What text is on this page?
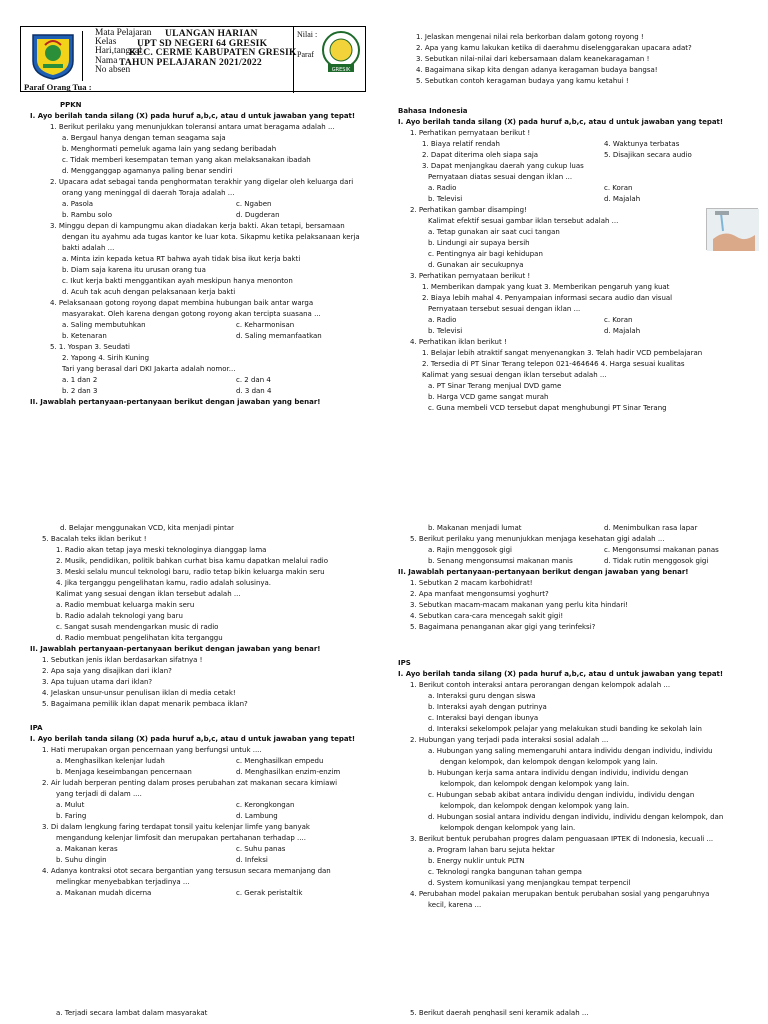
Mata Pelajaran
Kelas
Hari,tanggal
Nama
No absen
ULANGAN HARIAN
UPT SD NEGERI 64 GRESIK
KEC. CERME KABUPATEN GRESIK
TAHUN PELAJARAN 2021/2022
Nilai :
Paraf
GRESIK
Paraf Orang Tua :
PPKN
I. Ayo berilah tanda silang (X) pada huruf a,b,c, atau d untuk jawaban yang tepat!
1. Berikut perilaku yang menunjukkan toleransi antara umat beragama adalah ...
a. Bergaul hanya dengan teman seagama saja
b. Menghormati pemeluk agama lain yang sedang beribadah
c. Tidak memberi kesempatan teman yang akan melaksanakan ibadah
d. Mengganggap agamanya paling benar sendiri
2. Upacara adat sebagai tanda penghormatan terakhir yang digelar oleh keluarga dari
orang yang meninggal di daerah Toraja adalah ...
a. Pasola	c. Ngaben
b. Rambu solo	d. Dugderan
3. Minggu depan di kampungmu akan diadakan kerja bakti. Akan tetapi, bersamaan
dengan itu ayahmu ada tugas kantor ke luar kota. Sikapmu ketika pelaksanaan kerja
bakti adalah ...
a. Minta izin kepada ketua RT bahwa ayah tidak bisa ikut kerja bakti
b. Diam saja karena itu urusan orang tua
c. Ikut kerja bakti menggantikan ayah meskipun hanya menonton
d. Acuh tak acuh dengan pelaksanaan kerja bakti
4. Pelaksanaan gotong royong dapat membina hubungan baik antar warga
masyarakat. Oleh karena dengan gotong royong akan tercipta suasana ...
a. Saling membutuhkan	c. Keharmonisan
b. Ketenaran	d. Saling memanfaatkan
5. 1. Yospan 3. Seudati
2. Yapong 4. Sirih Kuning
Tari yang berasal dari DKI Jakarta adalah nomor...
a. 1 dan 2	c. 2 dan 4
b. 2 dan 3	d. 3 dan 4
II. Jawablah pertanyaan-pertanyaan berikut dengan jawaban yang benar!
1. Jelaskan mengenai nilai rela berkorban dalam gotong royong !
2. Apa yang kamu lakukan ketika di daerahmu diselenggarakan upacara adat?
3. Sebutkan nilai-nilai dari kebersamaan dalam keanekaragaman !
4. Bagaimana sikap kita dengan adanya keragaman budaya bangsa!
5. Sebutkan contoh keragaman budaya yang kamu ketahui !
Bahasa Indonesia
I. Ayo berilah tanda silang (X) pada huruf a,b,c, atau d untuk jawaban yang tepat!
1. Perhatikan pernyataan berikut !
1. Biaya relatif rendah	4. Waktunya terbatas
2. Dapat diterima oleh siapa saja	5. Disajikan secara audio
3. Dapat menjangkau daerah yang cukup luas
Pernyataan diatas sesuai dengan iklan ...
a. Radio	c. Koran
b. Televisi	d. Majalah
2. Perhatikan gambar disamping!
Kalimat efektif sesuai gambar iklan tersebut adalah ...
a. Tetap gunakan air saat cuci tangan
b. Lindungi air supaya bersih
c. Pentingnya air bagi kehidupan
d. Gunakan air secukupnya
3. Perhatikan pernyataan berikut !
1. Memberikan dampak yang kuat 3. Memberikan pengaruh yang kuat
2. Biaya lebih mahal 4. Penyampaian informasi secara audio dan visual
Pernyataan tersebut sesuai dengan iklan ...
a. Radio	c. Koran
b. Televisi	d. Majalah
4. Perhatikan iklan berikut !
1. Belajar lebih atraktif sangat menyenangkan 3. Telah hadir VCD pembelajaran
2. Tersedia di PT Sinar Terang telepon 021-464646 4. Harga sesuai kualitas
Kalimat yang sesuai dengan iklan tersebut adalah ...
a. PT Sinar Terang menjual DVD game
b. Harga VCD game sangat murah
c. Guna membeli VCD tersebut dapat menghubungi PT Sinar Terang
d. Belajar menggunakan VCD, kita menjadi pintar
5. Bacalah teks iklan berikut !
1. Radio akan tetap jaya meski teknologinya dianggap lama
2. Musik, pendidikan, politik bahkan curhat bisa kamu dapatkan melalui radio
3. Meski selalu muncul teknologi baru, radio tetap bikin keluarga makin seru
4. Jika terganggu pengelihatan kamu, radio adalah solusinya.
Kalimat yang sesuai dengan iklan tersebut adalah ...
a. Radio membuat keluarga makin seru
b. Radio adalah teknologi yang baru
c. Sangat susah mendengarkan music di radio
d. Radio membuat pengelihatan kita terganggu
II. Jawablah pertanyaan-pertanyaan berikut dengan jawaban yang benar!
1. Sebutkan jenis iklan berdasarkan sifatnya !
2. Apa saja yang disajikan dari iklan?
3. Apa tujuan utama dari iklan?
4. Jelaskan unsur-unsur penulisan iklan di media cetak!
5. Bagaimana pemilik iklan dapat menarik pembaca iklan?
IPA
I. Ayo berilah tanda silang (X) pada huruf a,b,c, atau d untuk jawaban yang tepat!
1. Hati merupakan organ pencernaan yang berfungsi untuk ....
a. Menghasilkan kelenjar ludah	c. Menghasilkan empedu
b. Menjaga keseimbangan pencernaan	d. Menghasilkan enzim-enzim
2. Air ludah berperan penting dalam proses perubahan zat makanan secara kimiawi
yang terjadi di dalam ....
a. Mulut	c. Kerongkongan
b. Faring	d. Lambung
3. Di dalam lengkung faring terdapat tonsil yaitu kelenjar limfe yang banyak
mengandung kelenjar limfosit dan merupakan pertahanan terhadap ....
a. Makanan keras	c. Suhu panas
b. Suhu dingin	d. Infeksi
4. Adanya kontraksi otot secara bergantian yang tersusun secara memanjang dan
melingkar menyebabkan terjadinya ...
a. Makanan mudah dicerna	c. Gerak peristaltik
a. Terjadi secara lambat dalam masyarakat
b. Makanan menjadi lumat	d. Menimbulkan rasa lapar
5. Berikut perilaku yang menunjukkan menjaga kesehatan gigi adalah ...
a. Rajin menggosok gigi	c. Mengonsumsi makanan panas
b. Senang mengonsumsi makanan manis	d. Tidak rutin menggosok gigi
II. Jawablah pertanyaan-pertanyaan berikut dengan jawaban yang benar!
1. Sebutkan 2 macam karbohidrat!
2. Apa manfaat mengonsumsi yoghurt?
3. Sebutkan macam-macam makanan yang perlu kita hindari!
4. Sebutkan cara-cara mencegah sakit gigi!
5. Bagaimana penanganan akar gigi yang terinfeksi?
IPS
I. Ayo berilah tanda silang (X) pada huruf a,b,c, atau d untuk jawaban yang tepat!
1. Berikut contoh interaksi antara perorangan dengan kelompok adalah ...
a. Interaksi guru dengan siswa
b. Interaksi ayah dengan putrinya
c. Interaksi bayi dengan ibunya
d. Interaksi sekelompok pelajar yang melakukan studi banding ke sekolah lain
2. Hubungan yang terjadi pada interaksi sosial adalah ...
a. Hubungan yang saling memengaruhi antara individu dengan individu, individu
dengan kelompok, dan kelompok dengan kelompok yang lain.
b. Hubungan kerja sama antara individu dengan individu, individu dengan
kelompok, dan kelompok dengan kelompok yang lain.
c. Hubungan sebab akibat antara individu dengan individu, individu dengan
kelompok, dan kelompok dengan kelompok yang lain.
d. Hubungan sosial antara individu dengan individu, individu dengan kelompok, dan
kelompok dengan kelompok yang lain.
3. Berikut bentuk perubahan progres dalam penguasaan IPTEK di Indonesia, kecuali ...
a. Program lahan baru sejuta hektar
b. Energy nuklir untuk PLTN
c. Teknologi rangka bangunan tahan gempa
d. System komunikasi yang menjangkau tempat terpencil
4. Perubahan model pakaian merupakan bentuk perubahan sosial yang pengaruhnya
kecil, karena ...
5. Berikut daerah penghasil seni keramik adalah ...
